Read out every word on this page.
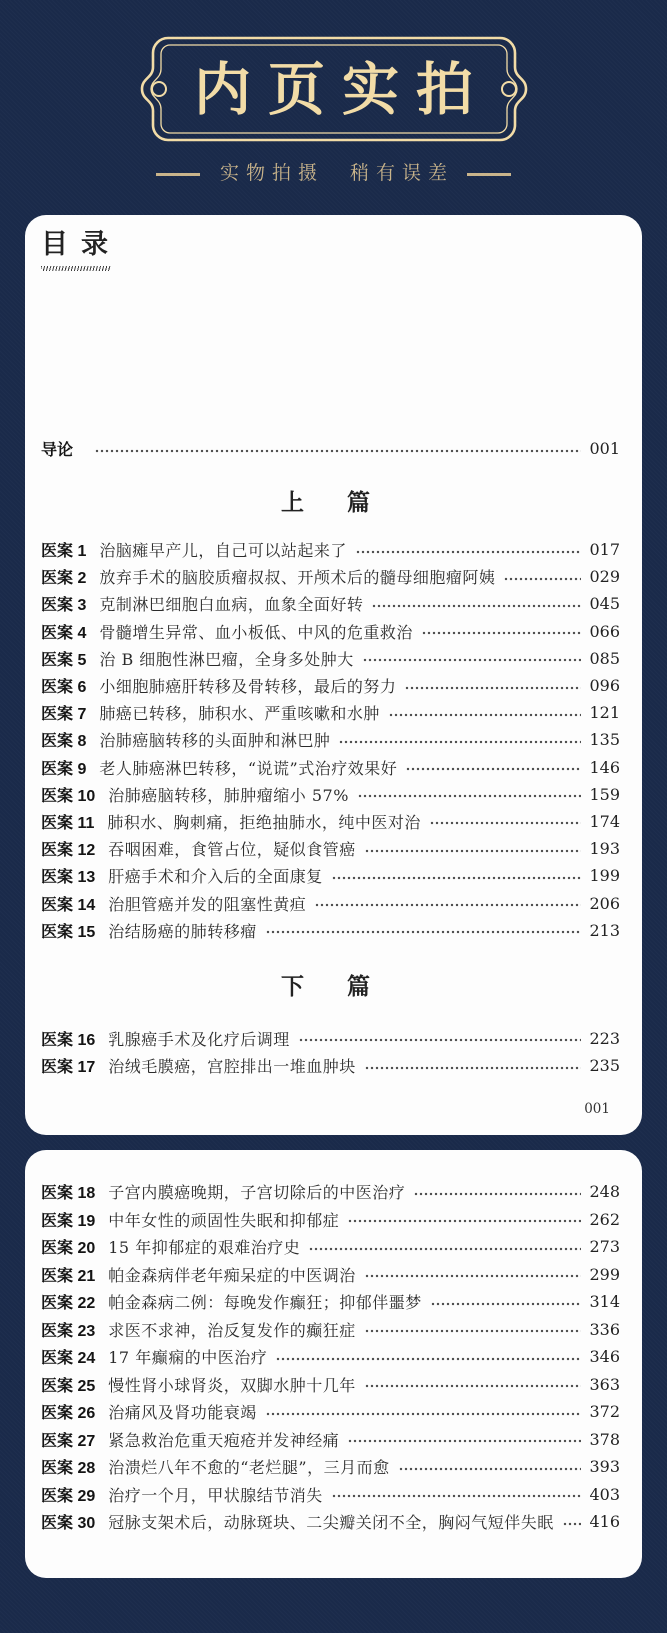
内页实拍
实物拍摄　稍有误差
目录
导论	001
上　篇
医案 1 治脑瘫早产儿，自己可以站起来了	017
医案 2 放弃手术的脑胶质瘤叔叔、开颅术后的髓母细胞瘤阿姨	029
医案 3 克制淋巴细胞白血病，血象全面好转	045
医案 4 骨髓增生异常、血小板低、中风的危重救治	066
医案 5 治 B 细胞性淋巴瘤，全身多处肿大	085
医案 6 小细胞肺癌肝转移及骨转移，最后的努力	096
医案 7 肺癌已转移，肺积水、严重咳嗽和水肿	121
医案 8 治肺癌脑转移的头面肿和淋巴肿	135
医案 9 老人肺癌淋巴转移，“说谎”式治疗效果好	146
医案 10 治肺癌脑转移，肺肿瘤缩小 57%	159
医案 11 肺积水、胸刺痛，拒绝抽肺水，纯中医对治	174
医案 12 吞咽困难，食管占位，疑似食管癌	193
医案 13 肝癌手术和介入后的全面康复	199
医案 14 治胆管癌并发的阻塞性黄疸	206
医案 15 治结肠癌的肺转移瘤	213
下　篇
医案 16 乳腺癌手术及化疗后调理	223
医案 17 治绒毛膜癌，宫腔排出一堆血肿块	235
001
医案 18 子宫内膜癌晚期，子宫切除后的中医治疗	248
医案 19 中年女性的顽固性失眠和抑郁症	262
医案 20 15 年抑郁症的艰难治疗史	273
医案 21 帕金森病伴老年痴呆症的中医调治	299
医案 22 帕金森病二例：每晚发作癫狂；抑郁伴噩梦	314
医案 23 求医不求神，治反复发作的癫狂症	336
医案 24 17 年癫痫的中医治疗	346
医案 25 慢性肾小球肾炎，双脚水肿十几年	363
医案 26 治痛风及肾功能衰竭	372
医案 27 紧急救治危重天疱疮并发神经痛	378
医案 28 治溃烂八年不愈的“老烂腿”，三月而愈	393
医案 29 治疗一个月，甲状腺结节消失	403
医案 30 冠脉支架术后，动脉斑块、二尖瓣关闭不全，胸闷气短伴失眠 416
